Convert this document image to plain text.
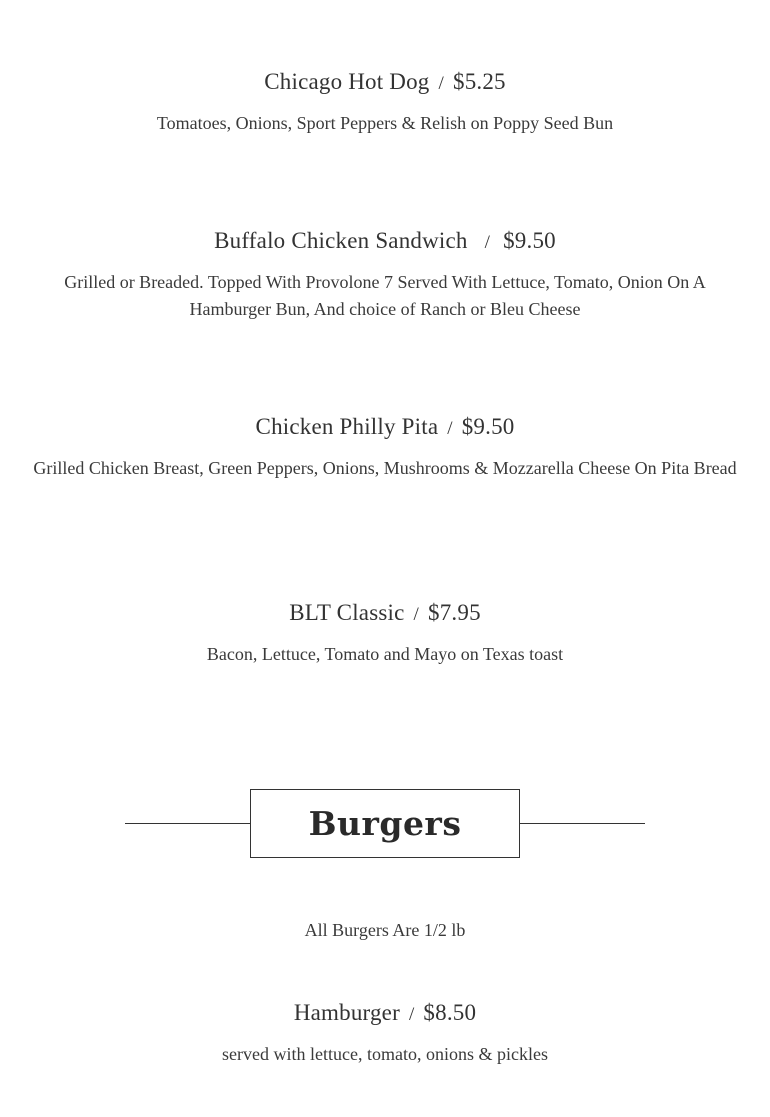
Chicago Hot Dog / $5.25
Tomatoes, Onions, Sport Peppers & Relish on Poppy Seed Bun
Buffalo Chicken Sandwich / $9.50
Grilled or Breaded. Topped With Provolone 7 Served With Lettuce, Tomato, Onion On A Hamburger Bun, And choice of Ranch or Bleu Cheese
Chicken Philly Pita / $9.50
Grilled Chicken Breast, Green Peppers, Onions, Mushrooms & Mozzarella Cheese On Pita Bread
BLT Classic / $7.95
Bacon, Lettuce, Tomato and Mayo on Texas toast
Burgers
All Burgers Are 1/2 lb
Hamburger / $8.50
served with lettuce, tomato, onions & pickles
